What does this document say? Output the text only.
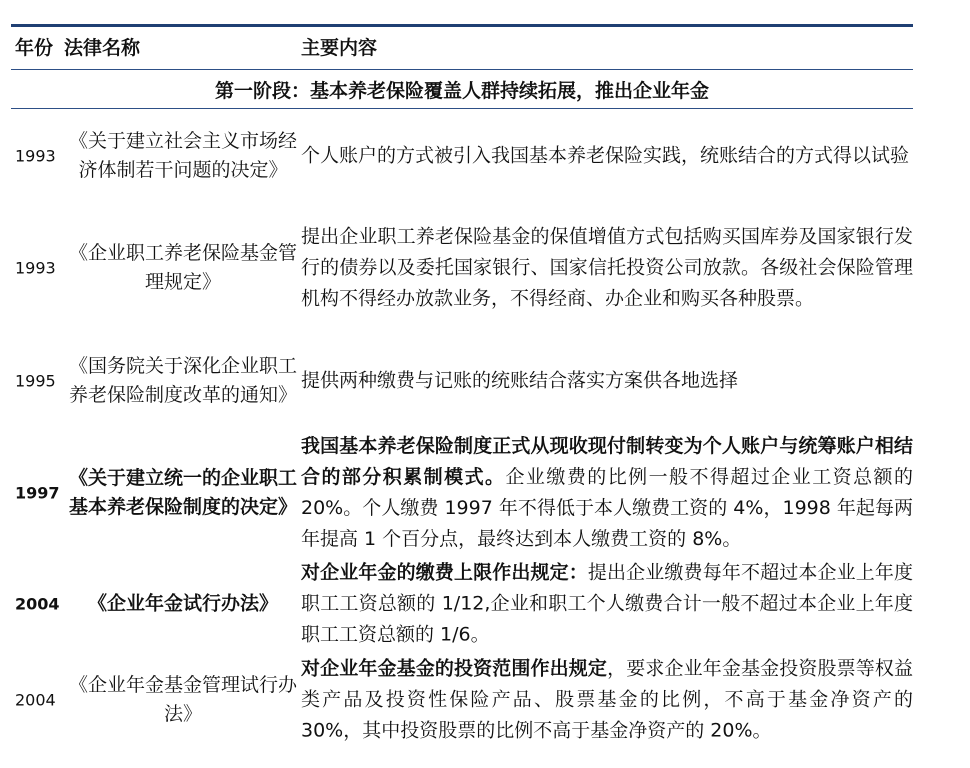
年份 法律名称	主要内容
第一阶段：基本养老保险覆盖人群持续拓展，推出企业年金
1993
《关于建立社会主义市场经济体制若干问题的决定》
个人账户的方式被引入我国基本养老保险实践，统账结合的方式得以试验
1993
《企业职工养老保险基金管理规定》
提出企业职工养老保险基金的保值增值方式包括购买国库券及国家银行发行的债券以及委托国家银行、国家信托投资公司放款。各级社会保险管理机构不得经办放款业务，不得经商、办企业和购买各种股票。
1995
《国务院关于深化企业职工养老保险制度改革的通知》
提供两种缴费与记账的统账结合落实方案供各地选择
1997
《关于建立统一的企业职工基本养老保险制度的决定》
我国基本养老保险制度正式从现收现付制转变为个人账户与统筹账户相结合的部分积累制模式。企业缴费的比例一般不得超过企业工资总额的 20%。个人缴费 1997 年不得低于本人缴费工资的 4%，1998 年起每两年提高 1 个百分点，最终达到本人缴费工资的 8%。
2004	《企业年金试行办法》
对企业年金的缴费上限作出规定：提出企业缴费每年不超过本企业上年度职工工资总额的 1/12,企业和职工个人缴费合计一般不超过本企业上年度职工工资总额的 1/6。
2004
《企业年金基金管理试行办法》
对企业年金基金的投资范围作出规定，要求企业年金基金投资股票等权益类产品及投资性保险产品、股票基金的比例，不高于基金净资产的 30%，其中投资股票的比例不高于基金净资产的 20%。
